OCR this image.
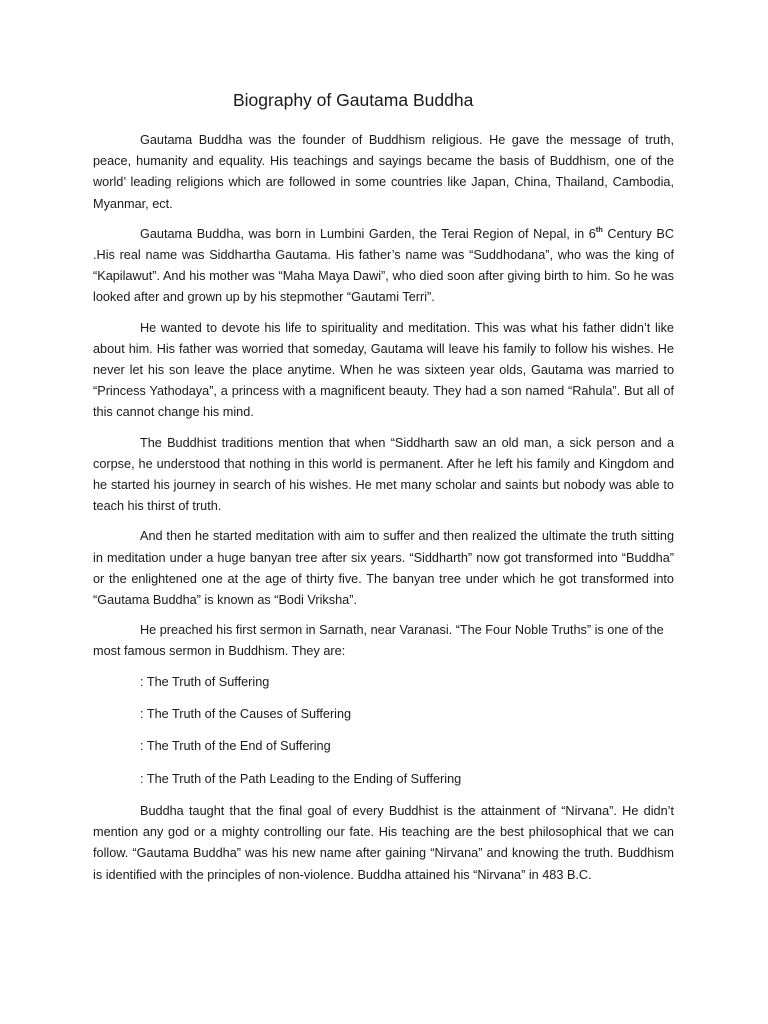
Biography of Gautama Buddha

Gautama Buddha was the founder of Buddhism religious. He gave the message of truth, peace, humanity and equality. His teachings and sayings became the basis of Buddhism, one of the world’ leading religions which are followed in some countries like Japan, China, Thailand, Cambodia, Myanmar, ect.

Gautama Buddha, was born in Lumbini Garden, the Terai Region of Nepal, in 6th Century BC .His real name was Siddhartha Gautama. His father’s name was “Suddhodana”, who was the king of “Kapilawut”. And his mother was “Maha Maya Dawi”, who died soon after giving birth to him. So he was looked after and grown up by his stepmother “Gautami Terri”.

He wanted to devote his life to spirituality and meditation. This was what his father didn’t like about him. His father was worried that someday, Gautama will leave his family to follow his wishes. He never let his son leave the place anytime. When he was sixteen year olds, Gautama was married to “Princess Yathodaya”, a princess with a magnificent beauty. They had a son named “Rahula”. But all of this cannot change his mind.

The Buddhist traditions mention that when “Siddharth saw an old man, a sick person and a corpse, he understood that nothing in this world is permanent. After he left his family and Kingdom and he started his journey in search of his wishes. He met many scholar and saints but nobody was able to teach his thirst of truth.

And then he started meditation with aim to suffer and then realized the ultimate the truth sitting in meditation under a huge banyan tree after six years. “Siddharth” now got transformed into “Buddha” or the enlightened one at the age of thirty five. The banyan tree under which he got transformed into “Gautama Buddha” is known as “Bodi Vriksha”.

He preached his first sermon in Sarnath, near Varanasi. “The Four Noble Truths” is one of the most famous sermon in Buddhism. They are:

: The Truth of Suffering
: The Truth of the Causes of Suffering
: The Truth of the End of Suffering
: The Truth of the Path Leading to the Ending of Suffering

Buddha taught that the final goal of every Buddhist is the attainment of “Nirvana”. He didn’t mention any god or a mighty controlling our fate. His teaching are the best philosophical that we can follow. “Gautama Buddha” was his new name after gaining “Nirvana” and knowing the truth. Buddhism is identified with the principles of non-violence. Buddha attained his “Nirvana” in 483 B.C.
